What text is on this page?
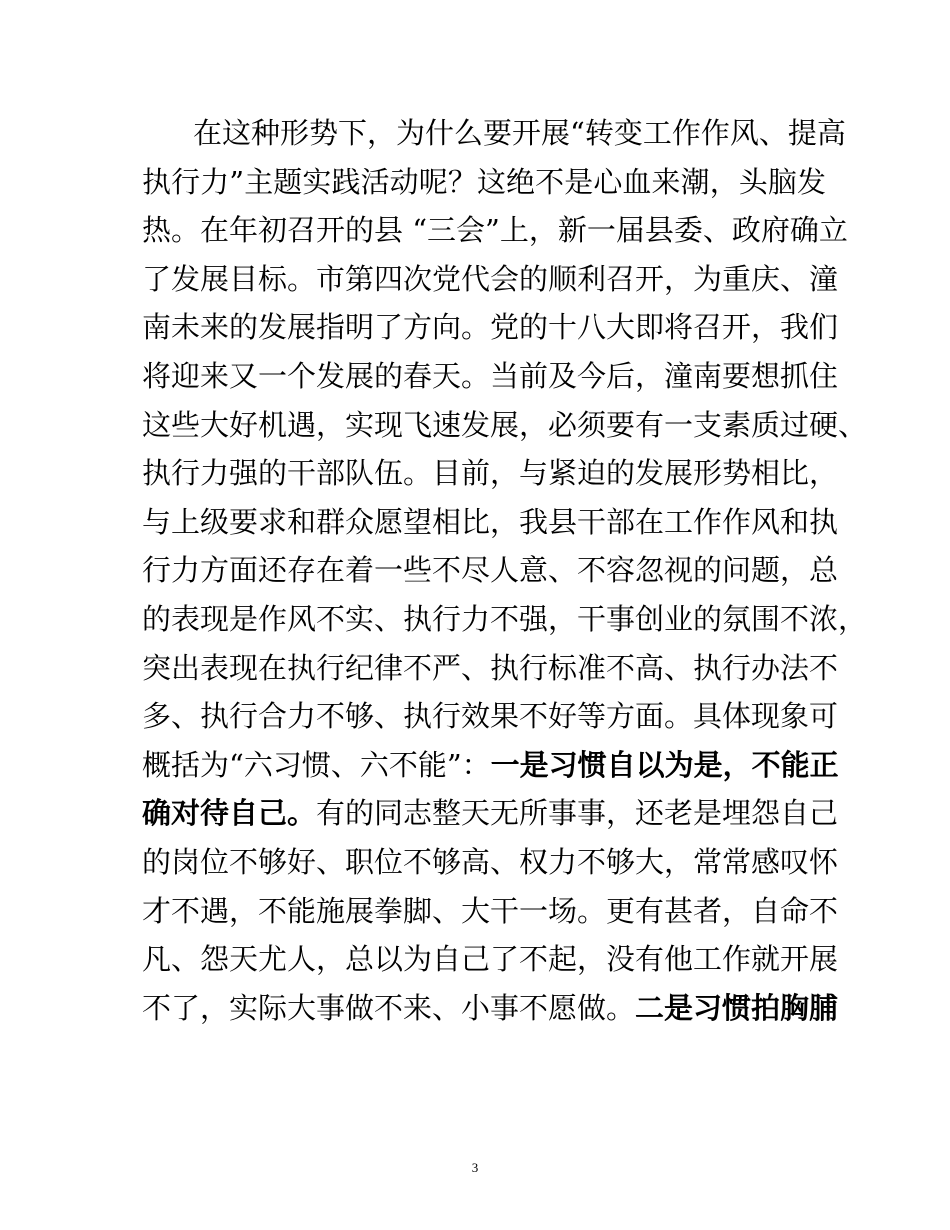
在这种形势下，为什么要开展“转变工作作风、提高
执行力”主题实践活动呢？这绝不是心血来潮，头脑发
热。在年初召开的县 “三会”上，新一届县委、政府确立
了发展目标。市第四次党代会的顺利召开，为重庆、潼
南未来的发展指明了方向。党的十八大即将召开，我们
将迎来又一个发展的春天。当前及今后，潼南要想抓住
这些大好机遇，实现飞速发展，必须要有一支素质过硬、
执行力强的干部队伍。目前，与紧迫的发展形势相比，
与上级要求和群众愿望相比，我县干部在工作作风和执
行力方面还存在着一些不尽人意、不容忽视的问题，总
的表现是作风不实、执行力不强，干事创业的氛围不浓，
突出表现在执行纪律不严、执行标准不高、执行办法不
多、执行合力不够、执行效果不好等方面。具体现象可
概括为“六习惯、六不能”：一是习惯自以为是，不能正
确对待自己。有的同志整天无所事事，还老是埋怨自己
的岗位不够好、职位不够高、权力不够大，常常感叹怀
才不遇，不能施展拳脚、大干一场。更有甚者，自命不
凡、怨天尤人，总以为自己了不起，没有他工作就开展
不了，实际大事做不来、小事不愿做。二是习惯拍胸脯
3
